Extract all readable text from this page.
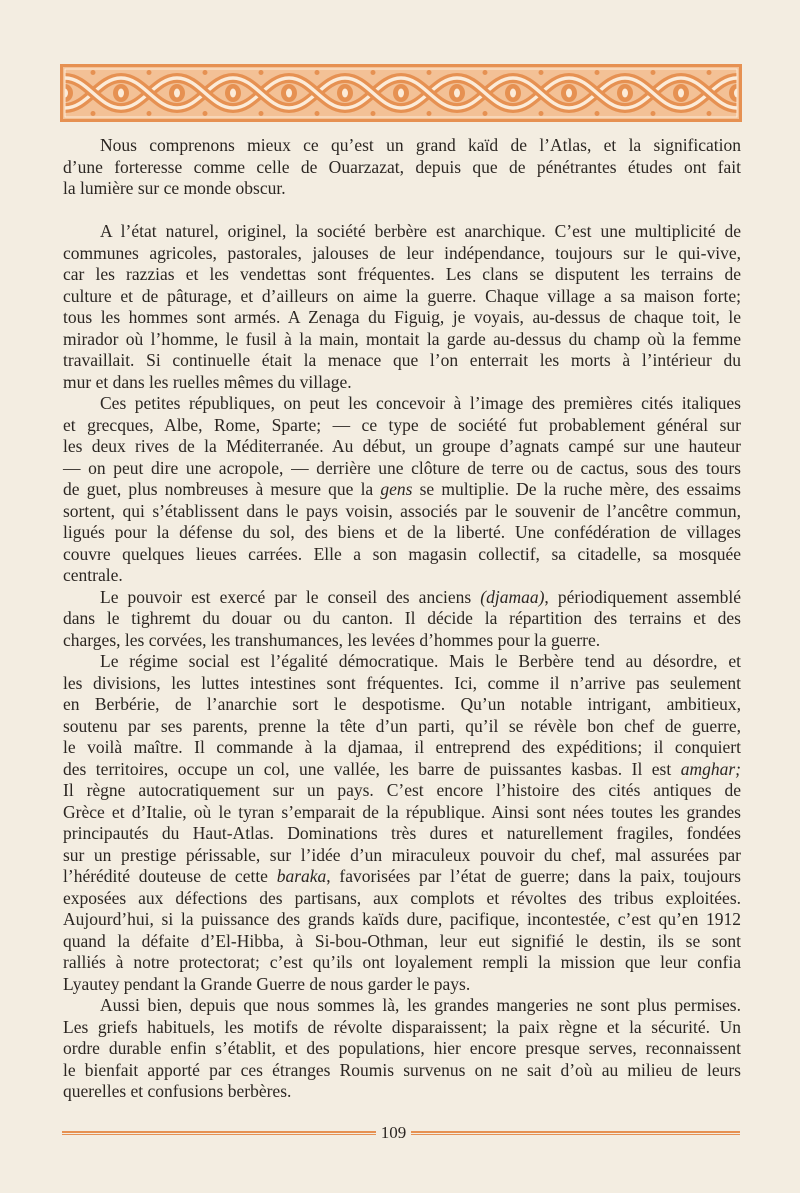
Nous comprenons mieux ce qu’est un grand kaïd de l’Atlas, et la signification
d’une forteresse comme celle de Ouarzazat, depuis que de pénétrantes études ont fait
la lumière sur ce monde obscur.
A l’état naturel, originel, la société berbère est anarchique. C’est une multiplicité de
communes agricoles, pastorales, jalouses de leur indépendance, toujours sur le qui-vive,
car les razzias et les vendettas sont fréquentes. Les clans se disputent les terrains de
culture et de pâturage, et d’ailleurs on aime la guerre. Chaque village a sa maison forte;
tous les hommes sont armés. A Zenaga du Figuig, je voyais, au-dessus de chaque toit, le
mirador où l’homme, le fusil à la main, montait la garde au-dessus du champ où la femme
travaillait. Si continuelle était la menace que l’on enterrait les morts à l’intérieur du
mur et dans les ruelles mêmes du village.
Ces petites républiques, on peut les concevoir à l’image des premières cités italiques
et grecques, Albe, Rome, Sparte; — ce type de société fut probablement général sur
les deux rives de la Méditerranée. Au début, un groupe d’agnats campé sur une hauteur
— on peut dire une acropole, — derrière une clôture de terre ou de cactus, sous des tours
de guet, plus nombreuses à mesure que la gens se multiplie. De la ruche mère, des essaims
sortent, qui s’établissent dans le pays voisin, associés par le souvenir de l’ancêtre commun,
ligués pour la défense du sol, des biens et de la liberté. Une confédération de villages
couvre quelques lieues carrées. Elle a son magasin collectif, sa citadelle, sa mosquée
centrale.
Le pouvoir est exercé par le conseil des anciens (djamaa), périodiquement assemblé
dans le tighremt du douar ou du canton. Il décide la répartition des terrains et des
charges, les corvées, les transhumances, les levées d’hommes pour la guerre.
Le régime social est l’égalité démocratique. Mais le Berbère tend au désordre, et
les divisions, les luttes intestines sont fréquentes. Ici, comme il n’arrive pas seulement
en Berbérie, de l’anarchie sort le despotisme. Qu’un notable intrigant, ambitieux,
soutenu par ses parents, prenne la tête d’un parti, qu’il se révèle bon chef de guerre,
le voilà maître. Il commande à la djamaa, il entreprend des expéditions; il conquiert
des territoires, occupe un col, une vallée, les barre de puissantes kasbas. Il est amghar;
Il règne autocratiquement sur un pays. C’est encore l’histoire des cités antiques de
Grèce et d’Italie, où le tyran s’emparait de la république. Ainsi sont nées toutes les grandes
principautés du Haut-Atlas. Dominations très dures et naturellement fragiles, fondées
sur un prestige périssable, sur l’idée d’un miraculeux pouvoir du chef, mal assurées par
l’hérédité douteuse de cette baraka, favorisées par l’état de guerre; dans la paix, toujours
exposées aux défections des partisans, aux complots et révoltes des tribus exploitées.
Aujourd’hui, si la puissance des grands kaïds dure, pacifique, incontestée, c’est qu’en 1912
quand la défaite d’El-Hibba, à Si-bou-Othman, leur eut signifié le destin, ils se sont
ralliés à notre protectorat; c’est qu’ils ont loyalement rempli la mission que leur confia
Lyautey pendant la Grande Guerre de nous garder le pays.
Aussi bien, depuis que nous sommes là, les grandes mangeries ne sont plus permises.
Les griefs habituels, les motifs de révolte disparaissent; la paix règne et la sécurité. Un
ordre durable enfin s’établit, et des populations, hier encore presque serves, reconnaissent
le bienfait apporté par ces étranges Roumis survenus on ne sait d’où au milieu de leurs
querelles et confusions berbères.
109
